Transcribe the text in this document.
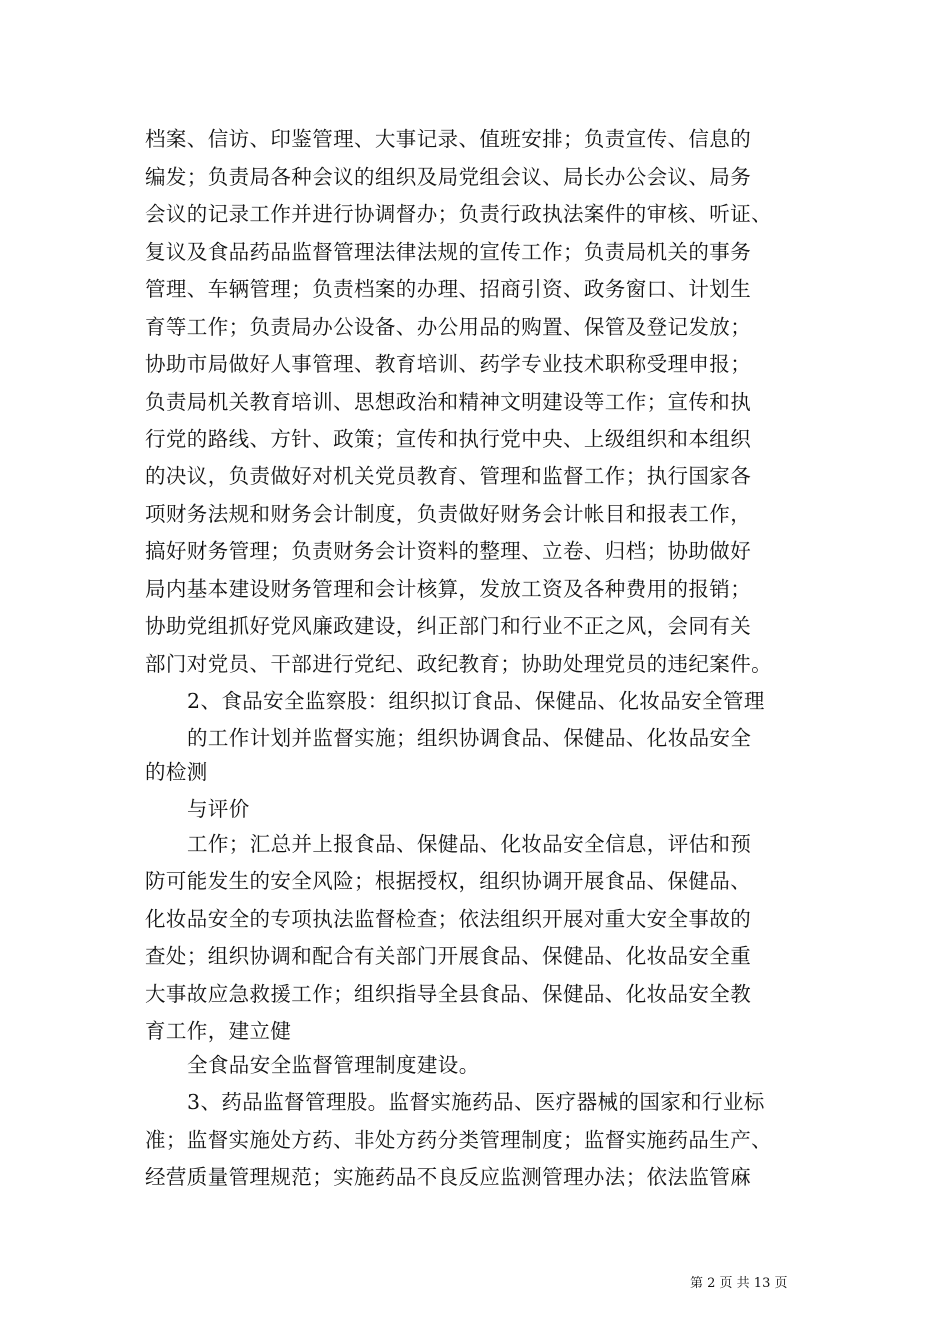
档案、信访、印鉴管理、大事记录、值班安排；负责宣传、信息的
编发；负责局各种会议的组织及局党组会议、局长办公会议、局务
会议的记录工作并进行协调督办；负责行政执法案件的审核、听证、
复议及食品药品监督管理法律法规的宣传工作；负责局机关的事务
管理、车辆管理；负责档案的办理、招商引资、政务窗口、计划生
育等工作；负责局办公设备、办公用品的购置、保管及登记发放；
协助市局做好人事管理、教育培训、药学专业技术职称受理申报；
负责局机关教育培训、思想政治和精神文明建设等工作；宣传和执
行党的路线、方针、政策；宣传和执行党中央、上级组织和本组织
的决议，负责做好对机关党员教育、管理和监督工作；执行国家各
项财务法规和财务会计制度，负责做好财务会计帐目和报表工作，
搞好财务管理；负责财务会计资料的整理、立卷、归档；协助做好
局内基本建设财务管理和会计核算，发放工资及各种费用的报销；
协助党组抓好党风廉政建设，纠正部门和行业不正之风，会同有关
部门对党员、干部进行党纪、政纪教育；协助处理党员的违纪案件。
2、食品安全监察股：组织拟订食品、保健品、化妆品安全管理
的工作计划并监督实施；组织协调食品、保健品、化妆品安全
的检测
与评价
工作；汇总并上报食品、保健品、化妆品安全信息，评估和预
防可能发生的安全风险；根据授权，组织协调开展食品、保健品、
化妆品安全的专项执法监督检查；依法组织开展对重大安全事故的
查处；组织协调和配合有关部门开展食品、保健品、化妆品安全重
大事故应急救援工作；组织指导全县食品、保健品、化妆品安全教
育工作，建立健
全食品安全监督管理制度建设。
3、药品监督管理股。监督实施药品、医疗器械的国家和行业标
准；监督实施处方药、非处方药分类管理制度；监督实施药品生产、
经营质量管理规范；实施药品不良反应监测管理办法；依法监管麻
第 2 页 共 13 页
